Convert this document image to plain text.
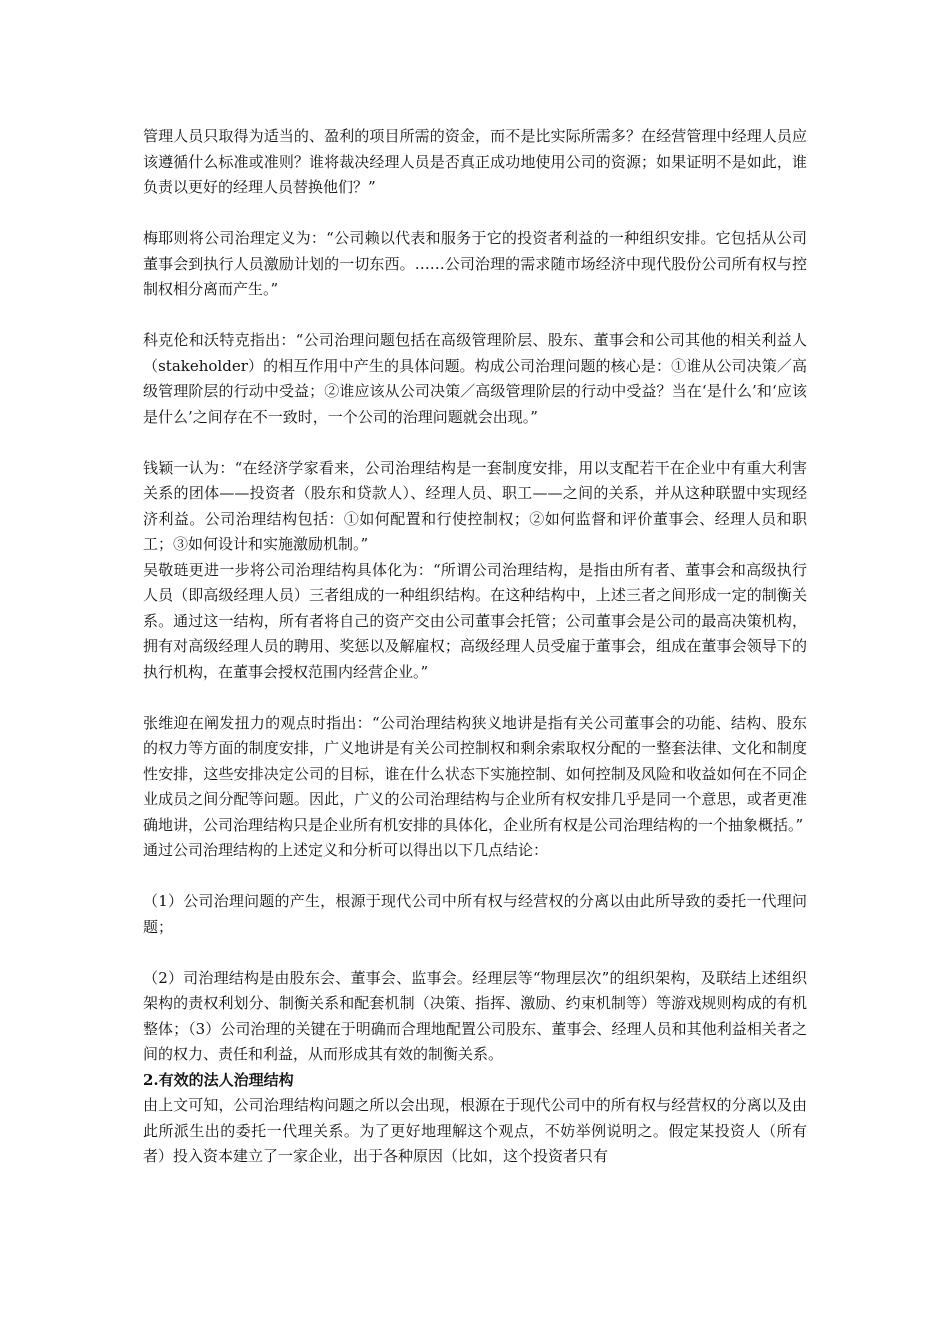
管理人员只取得为适当的、盈利的项目所需的资金，而不是比实际所需多？在经营管理中经理人员应该遵循什么标准或准则？谁将裁决经理人员是否真正成功地使用公司的资源；如果证明不是如此，谁负责以更好的经理人员替换他们？”

梅耶则将公司治理定义为：“公司赖以代表和服务于它的投资者利益的一种组织安排。它包括从公司董事会到执行人员激励计划的一切东西。……公司治理的需求随市场经济中现代股份公司所有权与控制权相分离而产生。”

科克伦和沃特克指出：“公司治理问题包括在高级管理阶层、股东、董事会和公司其他的相关利益人（stakeholder）的相互作用中产生的具体问题。构成公司治理问题的核心是：①谁从公司决策／高级管理阶层的行动中受益；②谁应该从公司决策／高级管理阶层的行动中受益？当在‘是什么’和‘应该是什么’之间存在不一致时，一个公司的治理问题就会出现。”

钱颖一认为：“在经济学家看来，公司治理结构是一套制度安排，用以支配若干在企业中有重大利害关系的团体——投资者（股东和贷款人）、经理人员、职工——之间的关系，并从这种联盟中实现经济利益。公司治理结构包括：①如何配置和行使控制权；②如何监督和评价董事会、经理人员和职工；③如何设计和实施激励机制。”

吴敬琏更进一步将公司治理结构具体化为：“所谓公司治理结构，是指由所有者、董事会和高级执行人员（即高级经理人员）三者组成的一种组织结构。在这种结构中，上述三者之间形成一定的制衡关系。通过这一结构，所有者将自己的资产交由公司董事会托管；公司董事会是公司的最高决策机构，拥有对高级经理人员的聘用、奖惩以及解雇权；高级经理人员受雇于董事会，组成在董事会领导下的执行机构，在董事会授权范围内经营企业。”

张维迎在阐发扭力的观点时指出：“公司治理结构狭义地讲是指有关公司董事会的功能、结构、股东的权力等方面的制度安排，广义地讲是有关公司控制权和剩余索取权分配的一整套法律、文化和制度性安排，这些安排决定公司的目标，谁在什么状态下实施控制、如何控制及风险和收益如何在不同企业成员之间分配等问题。因此，广义的公司治理结构与企业所有权安排几乎是同一个意思，或者更准确地讲，公司治理结构只是企业所有机安排的具体化，企业所有权是公司治理结构的一个抽象概括。”

通过公司治理结构的上述定义和分析可以得出以下几点结论：

（1）公司治理问题的产生，根源于现代公司中所有权与经营权的分离以由此所导致的委托一代理问题；

（2）司治理结构是由股东会、董事会、监事会。经理层等“物理层次”的组织架构，及联结上述组织架构的责权利划分、制衡关系和配套机制（决策、指挥、激励、约束机制等）等游戏规则构成的有机整体；（3）公司治理的关键在于明确而合理地配置公司股东、董事会、经理人员和其他利益相关者之间的权力、责任和利益，从而形成其有效的制衡关系。

2.有效的法人治理结构

由上文可知，公司治理结构问题之所以会出现，根源在于现代公司中的所有权与经营权的分离以及由此所派生出的委托一代理关系。为了更好地理解这个观点，不妨举例说明之。假定某投资人（所有者）投入资本建立了一家企业，出于各种原因（比如，这个投资者只有
